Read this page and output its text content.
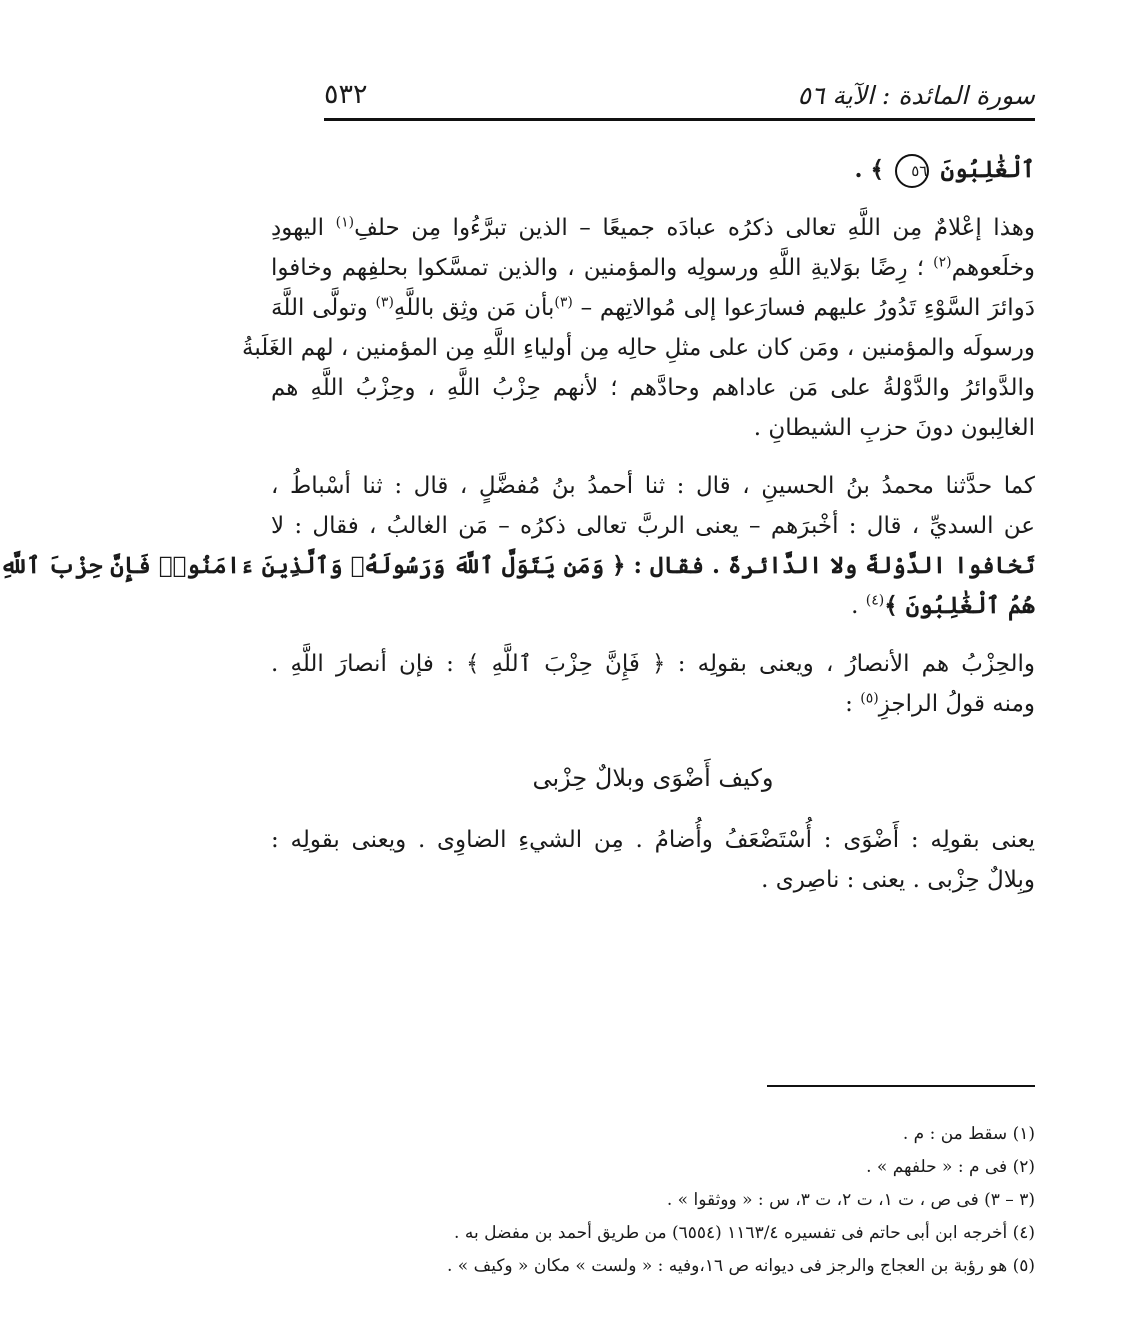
سورة المائدة : الآية ٥٦
٥٣٢
ٱلْغَٰلِبُونَ ٥٦ ﴾ .
وهذا إعْلامٌ مِن اللَّهِ تعالى ذكرُه عبادَه جميعًا – الذين تبرَّءُوا مِن حلفِ$^{(١)}$ اليهودِ
وخلَعوهم$^{(٢)}$ ؛ رِضًا بوَلايةِ اللَّهِ ورسولِه والمؤمنين ، والذين تمسَّكوا بحلفِهم وخافوا
دَوائرَ السَّوْءِ تَدُورُ عليهم فسارَعوا إلى مُوالاتِهم – $^{(٣)}$بأن مَن وثِق باللَّهِ$^{(٣)}$ وتولَّى اللَّهَ
ورسولَه والمؤمنين ، ومَن كان على مثلِ حالِه مِن أولياءِ اللَّهِ مِن المؤمنين ، لهم الغَلَبةُ
والدَّوائرُ والدَّوْلةُ على مَن عاداهم وحادَّهم ؛ لأنهم حِزْبُ اللَّهِ ، وحِزْبُ اللَّهِ هم
الغالِبون دونَ حزبِ الشيطانِ .
كما حدَّثنا محمدُ بنُ الحسينِ ، قال : ثنا أحمدُ بنُ مُفضَّلٍ ، قال : ثنا أسْباطُ ،
عن السديِّ ، قال : أخْبرَهم – يعنى الربَّ تعالى ذكرُه – مَن الغالبُ ، فقال : لا
تَخافوا الدَّوْلةَ ولا الدَّائرةَ . فقال : ﴿ وَمَن يَتَوَلَّ ٱللَّهَ وَرَسُولَهُۥ وَٱلَّذِينَ ءَامَنُوا۟ فَإِنَّ حِزْبَ ٱللَّهِ
هُمُ ٱلْغَٰلِبُونَ ﴾$^{(٤)}$ .
والحِزْبُ هم الأنصارُ ، ويعنى بقولِه : ﴿ فَإِنَّ حِزْبَ ٱللَّهِ ﴾ : فإن أنصارَ اللَّهِ .
ومنه قولُ الراجزِ$^{(٥)}$ :
وكيف أَضْوَى وبلالٌ حِزْبى
يعنى بقولِه : أَضْوَى : أُسْتَضْعَفُ وأُضامُ . مِن الشيءِ الضاوِى . ويعنى بقولِه :
وبِلالٌ حِزْبى . يعنى : ناصِرى .
(١) سقط من : م .
(٢) فى م : « حلفهم » .
(٣ – ٣) فى ص ، ت ١، ت ٢، ت ٣، س : « ووثقوا » .
(٤) أخرجه ابن أبى حاتم فى تفسيره ١١٦٣/٤ (٦٥٥٤) من طريق أحمد بن مفضل به .
(٥) هو رؤبة بن العجاج والرجز فى ديوانه ص ١٦،وفيه : « ولست » مكان « وكيف » .
